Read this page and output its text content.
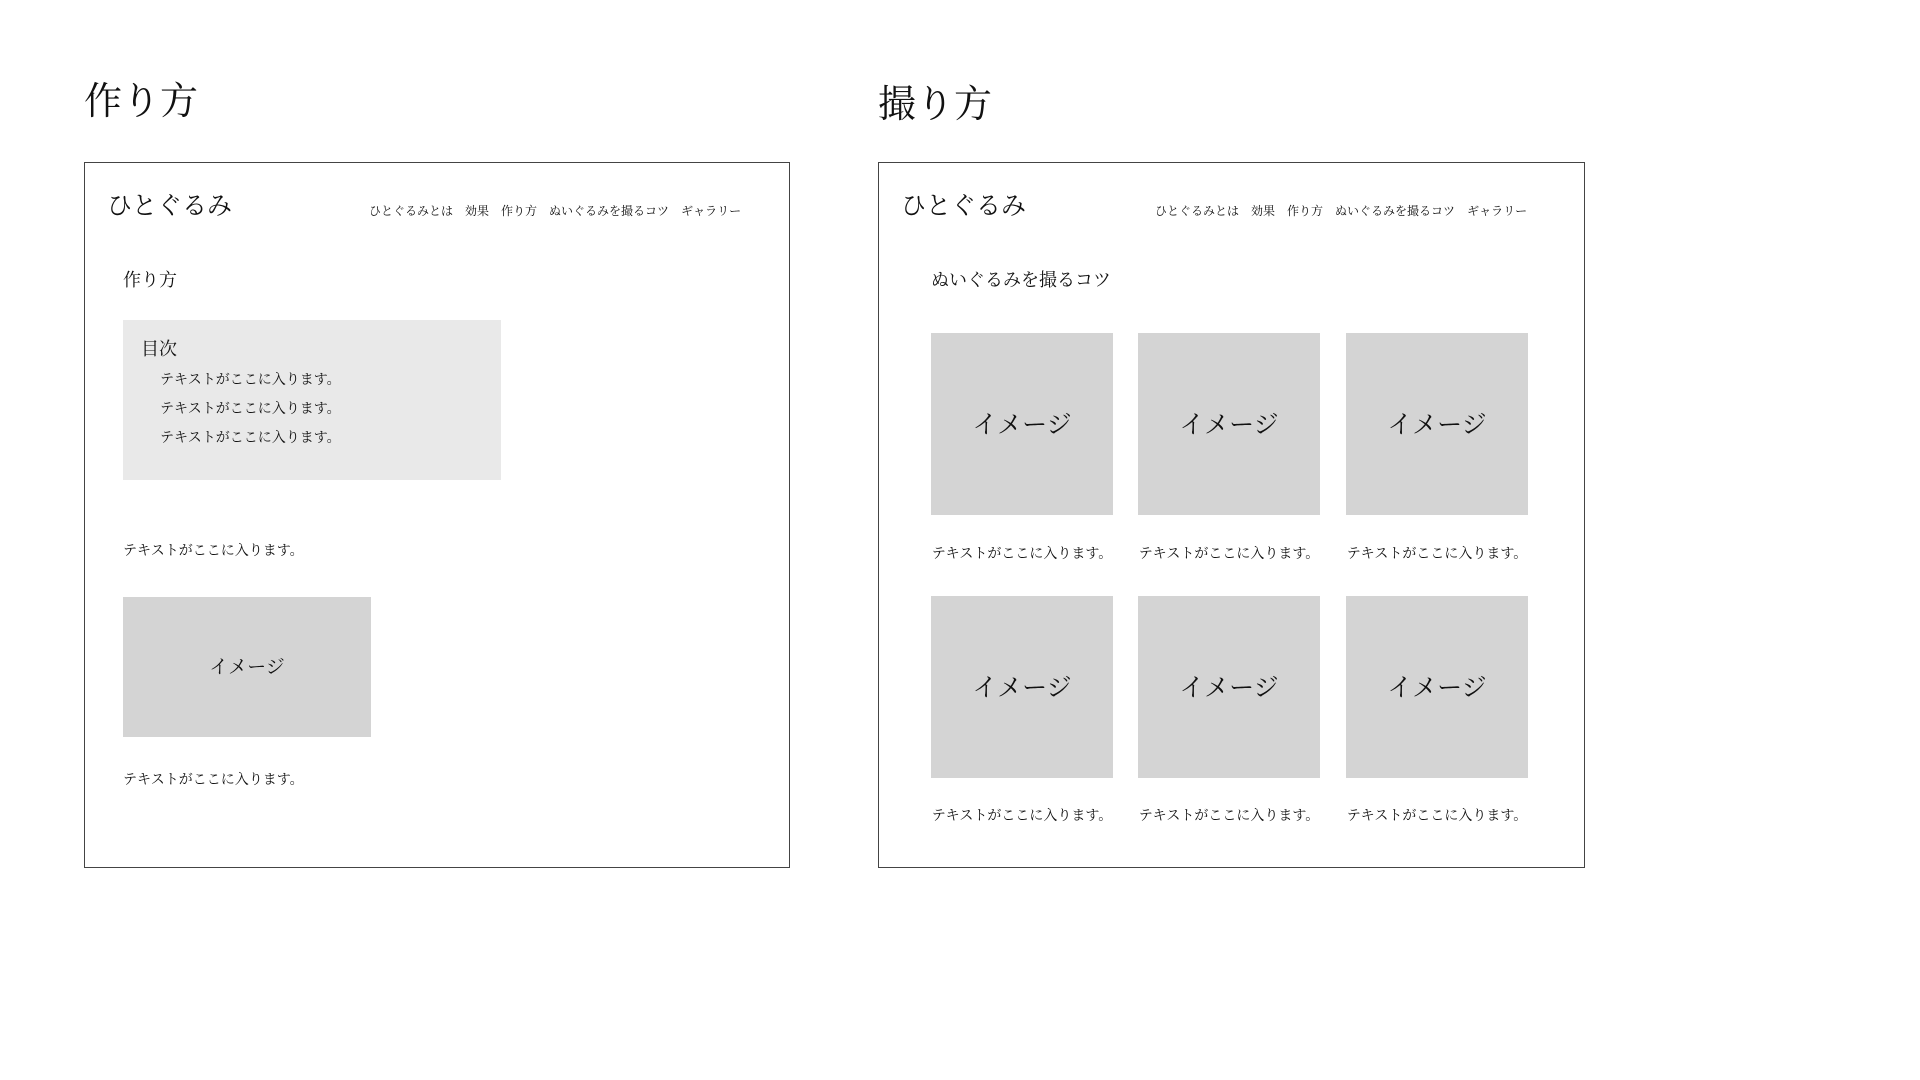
作り方
ひとぐるみ	ひとぐるみとは 効果 作り方 ぬいぐるみを撮るコツ ギャラリー
作り方
目次
テキストがここに入ります。
テキストがここに入ります。
テキストがここに入ります。
テキストがここに入ります。
イメージ
テキストがここに入ります。
撮り方
ひとぐるみ	ひとぐるみとは 効果 作り方 ぬいぐるみを撮るコツ ギャラリー
ぬいぐるみを撮るコツ
イメージ	イメージ	イメージ
テキストがここに入ります。	テキストがここに入ります。	テキストがここに入ります。
イメージ	イメージ	イメージ
テキストがここに入ります。	テキストがここに入ります。	テキストがここに入ります。
